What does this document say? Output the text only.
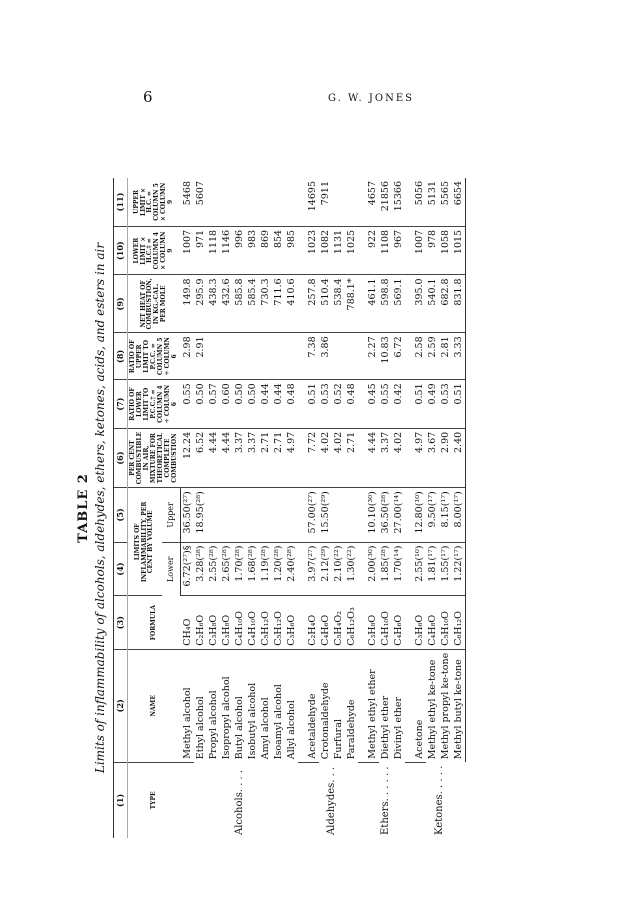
6	G. W. JONES
TABLE 2 Limits of inflammability of alcohols, aldehydes, ethers, ketones, acids, and esters in air
(1)	(2)	(3)	(4)	(5)	(6)	(7)	(8)	(9)	(10)	(11)
TYPE	NAME	FORMULA	LIMITS OF INFLAMMABILITY, PER CENT BY VOLUME		PER CENT COMBUSTIBLE IN AIR, MIXTURE FOR THEORETICAL COMPLETE COMBUSTION	RATIO OF LOWER LIMIT TO P.C.C.† = COLUMN 4 ÷ COLUMN 6	RATIO OF UPPER LIMIT TO P.C.C. = COLUMN 5 ÷ COLUMN 6	NET HEAT OF COMBUSTION, IN KG.-CAL. PER MOLE	LOWER LIMIT × H.C.‡ = COLUMN 4 × COLUMN 9	UPPER LIMIT × H.C. = COLUMN 5 × COLUMN 9
			Lower	Upper						
Alcohols. . . .	Methyl alcohol	CH₄O	6.72(²⁷)§	36.50(²⁷)	12.24	0.55	2.98	149.8	1007	5468
	Ethyl alcohol	C₂H₆O	3.28(²⁸)	18.95(²⁸)	6.52	0.50	2.91	295.9	971	5607
	Propyl alcohol	C₃H₈O	2.55(²⁸)		4.44	0.57		438.3	1118	
	Isopropyl alcohol	C₃H₈O	2.65(²⁸)		4.44	0.60		432.6	1146	
	Butyl alcohol	C₄H₁₀O	1.70(²⁸)		3.37	0.50		585.8	996	
	Isobutyl alcohol	C₄H₁₀O	1.68(²⁸)		3.37	0.50		585.4	983	
	Amyl alcohol	C₅H₁₂O	1.19(²⁸)		2.71	0.44		730.3	869	
	Isoamyl alcohol	C₅H₁₂O	1.20(²⁸)		2.71	0.44		711.6	854	
	Allyl alcohol	C₃H₆O	2.40(²⁸)		4.97	0.48		410.6	985	

Aldehydes. . .	Acetaldehyde	C₂H₄O	3.97(²⁷)	57.00(²⁷)	7.72	0.51	7.38	257.8	1023	14695
	Crotonaldehyde	C₄H₆O	2.12(²⁹)	15.50(²⁹)	4.02	0.53	3.86	510.4	1082	7911
	Furfural	C₅H₄O₂	2.10(²²)		4.02	0.52		538.4	1131	
	Paraldehyde	C₆H₁₂O₃	1.30(²²)		2.71	0.48		788.1*	1025	

Ethers. . . . . .	Methyl ethyl ether	C₃H₈O	2.00(³⁰)	10.10(³⁰)	4.44	0.45	2.27	461.1	922	4657
	Diethyl ether	C₄H₁₀O	1.85(²⁸)	36.50(²⁸)	3.37	0.55	10.83	598.8	1108	21856
	Divinyl ether	C₄H₆O	1.70(¹⁴)	27.00(¹⁴)	4.02	0.42	6.72	569.1	967	15366

Ketones. . . . .	Acetone	C₃H₆O	2.55(¹⁰)	12.80(¹⁰)	4.97	0.51	2.58	395.0	1007	5056
	Methyl ethyl ke-tone	C₄H₈O	1.81(¹⁷)	9.50(¹⁷)	3.67	0.49	2.59	540.1	978	5131
	Methyl propyl ke-tone	C₅H₁₀O	1.55(¹⁷)	8.15(¹⁷)	2.90	0.53	2.81	682.8	1058	5565
	Methyl butyl ke-tone	C₆H₁₂O	1.22(¹⁷)	8.00(¹⁷)	2.40	0.51	3.33	831.8	1015	6654
